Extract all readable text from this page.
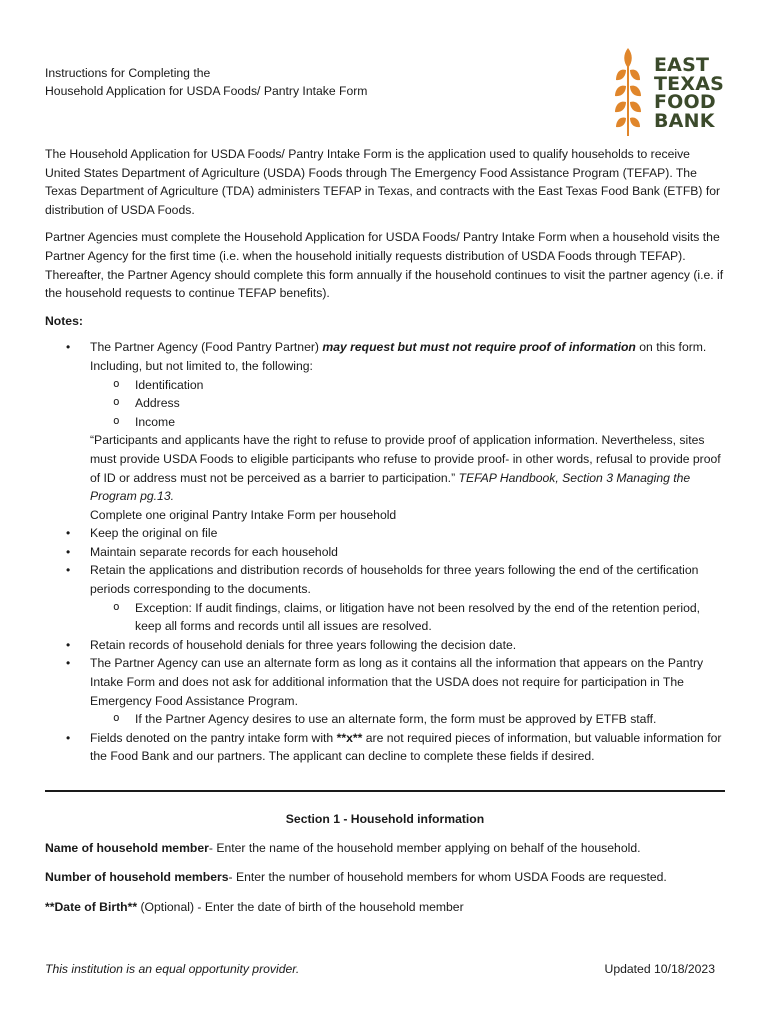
Instructions for Completing the
Household Application for USDA Foods/ Pantry Intake Form
EAST
TEXAS
FOOD
BANK

The Household Application for USDA Foods/ Pantry Intake Form is the application used to qualify households to receive United States Department of Agriculture (USDA) Foods through The Emergency Food Assistance Program (TEFAP). The Texas Department of Agriculture (TDA) administers TEFAP in Texas, and contracts with the East Texas Food Bank (ETFB) for distribution of USDA Foods.

Partner Agencies must complete the Household Application for USDA Foods/ Pantry Intake Form when a household visits the Partner Agency for the first time (i.e. when the household initially requests distribution of USDA Foods through TEFAP). Thereafter, the Partner Agency should complete this form annually if the household continues to visit the partner agency (i.e. if the household requests to continue TEFAP benefits).

Notes:

• The Partner Agency (Food Pantry Partner) may request but must not require proof of information on this form. Including, but not limited to, the following:
o Identification
o Address
o Income
“Participants and applicants have the right to refuse to provide proof of application information. Nevertheless, sites must provide USDA Foods to eligible participants who refuse to provide proof- in other words, refusal to provide proof of ID or address must not be perceived as a barrier to participation.” TEFAP Handbook, Section 3 Managing the Program pg.13.
Complete one original Pantry Intake Form per household
• Keep the original on file
• Maintain separate records for each household
• Retain the applications and distribution records of households for three years following the end of the certification periods corresponding to the documents.
o Exception: If audit findings, claims, or litigation have not been resolved by the end of the retention period, keep all forms and records until all issues are resolved.
• Retain records of household denials for three years following the decision date.
• The Partner Agency can use an alternate form as long as it contains all the information that appears on the Pantry Intake Form and does not ask for additional information that the USDA does not require for participation in The Emergency Food Assistance Program.
o If the Partner Agency desires to use an alternate form, the form must be approved by ETFB staff.
• Fields denoted on the pantry intake form with **x** are not required pieces of information, but valuable information for the Food Bank and our partners. The applicant can decline to complete these fields if desired.

Section 1 - Household information

Name of household member- Enter the name of the household member applying on behalf of the household.

Number of household members- Enter the number of household members for whom USDA Foods are requested.

**Date of Birth** (Optional) - Enter the date of birth of the household member

This institution is an equal opportunity provider.	Updated 10/18/2023
